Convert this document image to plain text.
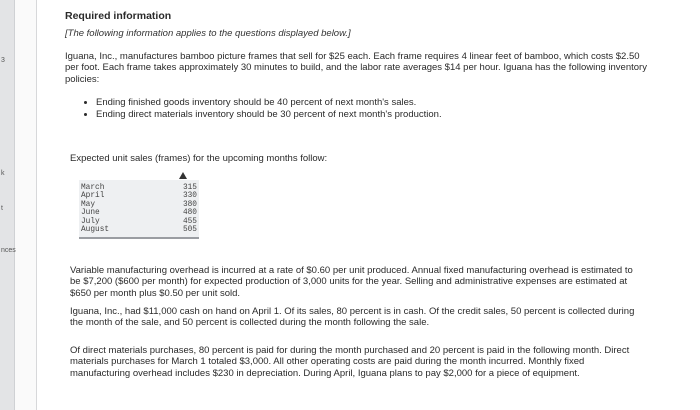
3
k
t
nces
Required information
[The following information applies to the questions displayed below.]

Iguana, Inc., manufactures bamboo picture frames that sell for $25 each. Each frame requires 4 linear feet of bamboo, which costs $2.50 per foot. Each frame takes approximately 30 minutes to build, and the labor rate averages $14 per hour. Iguana has the following inventory policies:

• Ending finished goods inventory should be 40 percent of next month's sales.
• Ending direct materials inventory should be 30 percent of next month's production.
Expected unit sales (frames) for the upcoming months follow:
March	315
April	330
May	380
June	480
July	455
August	505

Variable manufacturing overhead is incurred at a rate of $0.60 per unit produced. Annual fixed manufacturing overhead is estimated to be $7,200 ($600 per month) for expected production of 3,000 units for the year. Selling and administrative expenses are estimated at $650 per month plus $0.50 per unit sold.

Iguana, Inc., had $11,000 cash on hand on April 1. Of its sales, 80 percent is in cash. Of the credit sales, 50 percent is collected during the month of the sale, and 50 percent is collected during the month following the sale.

Of direct materials purchases, 80 percent is paid for during the month purchased and 20 percent is paid in the following month. Direct materials purchases for March 1 totaled $3,000. All other operating costs are paid during the month incurred. Monthly fixed manufacturing overhead includes $230 in depreciation. During April, Iguana plans to pay $2,000 for a piece of equipment.
